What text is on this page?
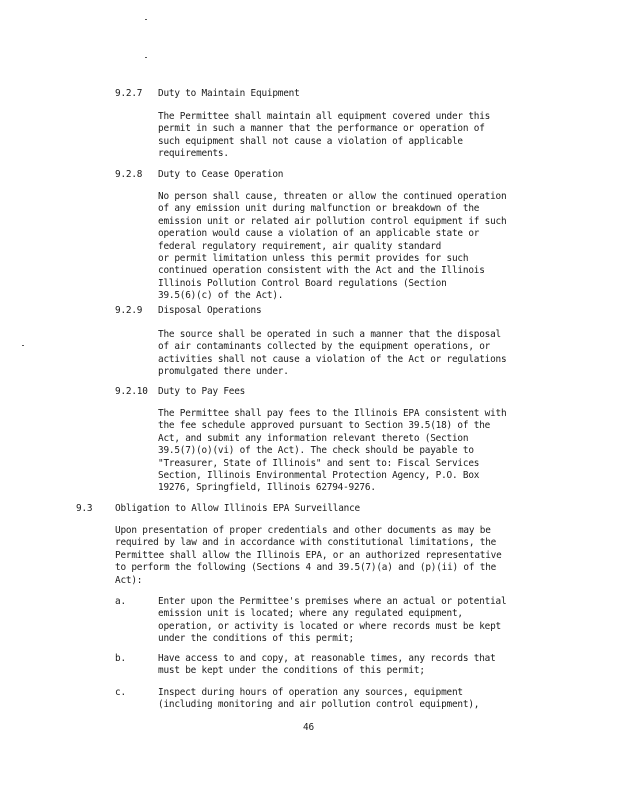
9.2.7 Duty to Maintain Equipment
The Permittee shall maintain all equipment covered under this
permit in such a manner that the performance or operation of
such equipment shall not cause a violation of applicable
requirements.
9.2.8 Duty to Cease Operation
No person shall cause, threaten or allow the continued operation
of any emission unit during malfunction or breakdown of the
emission unit or related air pollution control equipment if such
operation would cause a violation of an applicable state or
federal regulatory requirement, air quality standard
or permit limitation unless this permit provides for such
continued operation consistent with the Act and the Illinois
Illinois Pollution Control Board regulations (Section
39.5(6)(c) of the Act).
9.2.9 Disposal Operations
The source shall be operated in such a manner that the disposal
of air contaminants collected by the equipment operations, or
activities shall not cause a violation of the Act or regulations
promulgated there under.
9.2.10 Duty to Pay Fees
The Permittee shall pay fees to the Illinois EPA consistent with
the fee schedule approved pursuant to Section 39.5(18) of the
Act, and submit any information relevant thereto (Section
39.5(7)(o)(vi) of the Act). The check should be payable to
"Treasurer, State of Illinois" and sent to: Fiscal Services
Section, Illinois Environmental Protection Agency, P.O. Box
19276, Springfield, Illinois 62794-9276.
9.3 Obligation to Allow Illinois EPA Surveillance
Upon presentation of proper credentials and other documents as may be
required by law and in accordance with constitutional limitations, the
Permittee shall allow the Illinois EPA, or an authorized representative
to perform the following (Sections 4 and 39.5(7)(a) and (p)(ii) of the
Act):
a.	Enter upon the Permittee's premises where an actual or potential
emission unit is located; where any regulated equipment,
operation, or activity is located or where records must be kept
under the conditions of this permit;
b.	Have access to and copy, at reasonable times, any records that
must be kept under the conditions of this permit;
c.	Inspect during hours of operation any sources, equipment
(including monitoring and air pollution control equipment),
46
